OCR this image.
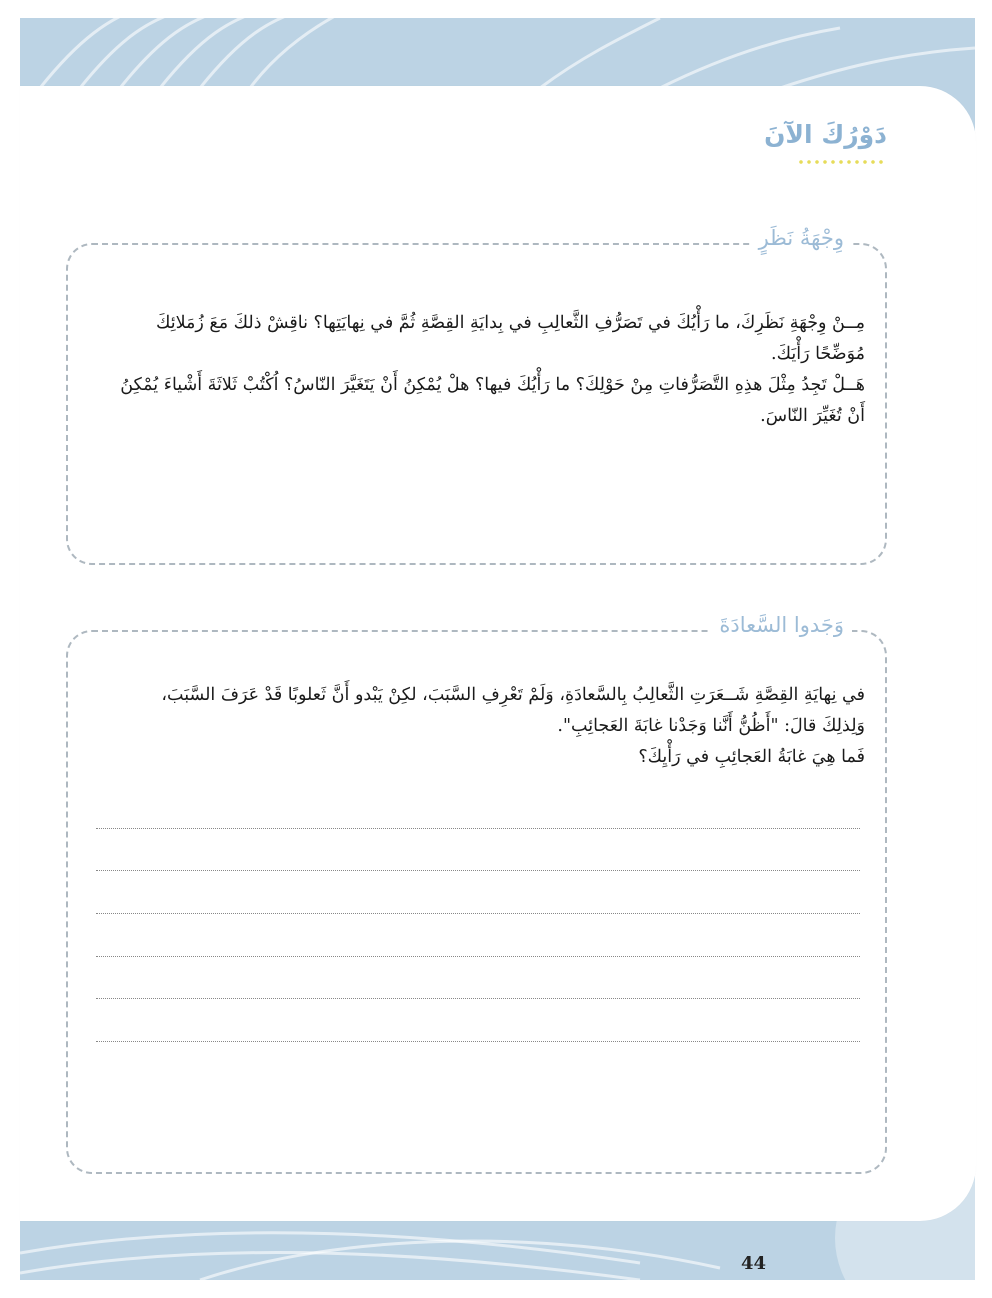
دَوْرُكَ الآنَ
وِجْهَةُ نَظَرٍ

مِــنْ وِجْهَةِ نَظَرِكَ، ما رَأْيُكَ في تَصَرُّفِ الثَّعالِبِ في بِدايَةِ القِصَّةِ ثُمَّ في نِهايَتِها؟ ناقِشْ ذلكَ مَعَ زُمَلائِكَ مُوَضِّحًا رَأْيَكَ.

هَــلْ تَجِدُ مِثْلَ هذِهِ التَّصَرُّفاتِ مِنْ حَوْلِكَ؟ ما رَأْيُكَ فيها؟ هلْ يُمْكِنُ أَنْ يَتَغَيَّرَ النّاسُ؟ اُكْتُبْ ثَلاثَةَ أَشْياءَ يُمْكِنُ أَنْ تُغَيِّرَ النّاسَ.

وَجَدوا السَّعادَةَ

في نِهايَةِ القِصَّةِ شَــعَرَتِ الثَّعالِبُ بِالسَّعادَةِ، وَلَمْ تَعْرِفِ السَّبَبَ، لكِنْ يَبْدو أَنَّ ثَعلوبًا قَدْ عَرَفَ السَّبَبَ، وَلِذلِكَ قالَ: "أَظُنُّ أَنَّنا وَجَدْنا غابَةَ العَجائِبِ".

فَما هِيَ غابَةُ العَجائِبِ في رَأْيِكَ؟

44
